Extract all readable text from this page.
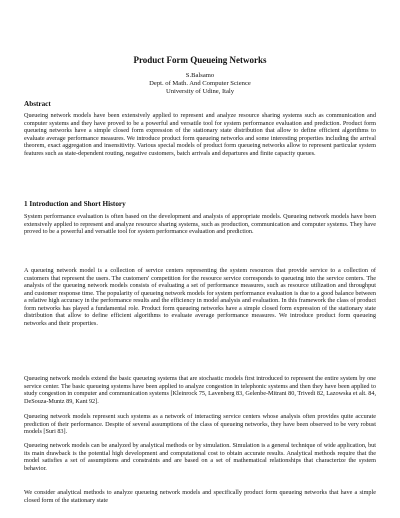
Product Form Queueing Networks
S.Balsamo
Dept. of Math. And Computer Science
University of Udine, Italy
Abstract

Queueing network models have been extensively applied to represent and analyze resource sharing systems such as communication and computer systems and they have proved to be a powerful and versatile tool for system performance evaluation and prediction. Product form queueing networks have a simple closed form expression of the stationary state distribution that allow to define efficient algorithms to evaluate average performance measures. We introduce product form queueing networks and some interesting properties including the arrival theorem, exact aggregation and insensitivity. Various special models of product form queueing networks allow to represent particular system features such as state-dependent routing, negative customers, batch arrivals and departures and finite capacity queues.

1 Introduction and Short History

System performance evaluation is often based on the development and analysis of appropriate models. Queueing network models have been extensively applied to represent and analyze resource sharing systems, such as production, communication and computer systems. They have proved to be a powerful and versatile tool for system performance evaluation and prediction.

A queueing network model is a collection of service centers representing the system resources that provide service to a collection of customers that represent the users. The customers' competition for the resource service corresponds to queueing into the service centers. The analysis of the queueing network models consists of evaluating a set of performance measures, such as resource utilization and throughput and customer response time. The popularity of queueing network models for system performance evaluation is due to a good balance between a relative high accuracy in the performance results and the efficiency in model analysis and evaluation. In this framework the class of product form networks has played a fundamental role. Product form queueing networks have a simple closed form expression of the stationary state distribution that allow to define efficient algorithms to evaluate average performance measures. We introduce product form queueing networks and their properties.

Queueing network models extend the basic queueing systems that are stochastic models first introduced to represent the entire system by one service center. The basic queueing systems have been applied to analyze congestion in telephonic systems and then they have been applied to study congestion in computer and communication systems [Kleinrock 75, Lavenberg 83, Gelenbe-Mitrani 80, Trivedi 82, Lazowska et alt. 84, DeSouza-Muntz 89, Kant 92].

Queueing network models represent such systems as a network of interacting service centers whose analysis often provides quite accurate prediction of their performance. Despite of several assumptions of the class of queueing networks, they have been observed to be very robust models [Suri 83].

Queueing network models can be analyzed by analytical methods or by simulation. Simulation is a general technique of wide application, but its main drawback is the potential high development and computational cost to obtain accurate results. Analytical methods require that the model satisfies a set of assumptions and constraints and are based on a set of mathematical relationships that characterize the system behavior.

We consider analytical methods to analyze queueing network models and specifically product form queueing networks that have a simple closed form of the stationary state
